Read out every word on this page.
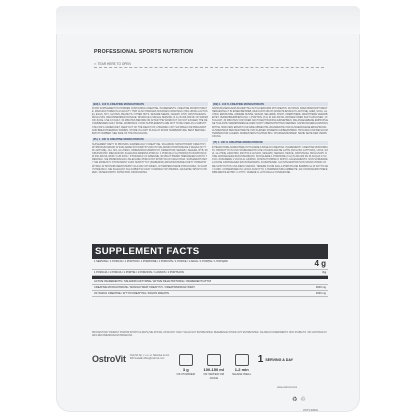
PROFESSIONAL SPORTS NUTRITION
✂ TEAR HERE TO OPEN
(EN) 1. 100 % CREATINE MONOHYDRATE
FOOD SUPPLEMENT IN POWDER CONTAINING CREATINE. INGREDIENTS: CREATINE MONOHYDRATE. MANUFACTURED IN A FACILITY THAT ALSO HANDLES SOURCES FROM MILK (INCLUDING LACTOSE), EGGS, SOY, GLUTEN, PEANUTS, OTHER NUTS, SESAME SEEDS, CELERY, FISH, CRUSTACEANS, MOLLUSKS. RECOMMENDED DOSAGE: DISSOLVE A SINGLE SERVING (3 G) IN 200-300 ML OF WATER OR JUICE. USE 1X DAILY, 30 MINUTES BEFORE OR AFTER THE WORKOUT. DO NOT EXCEED THE RECOMMENDED DAILY DOSE. WARNINGS: FOOD SUPPLEMENTS ARE NOT TO BE USED AS A SUBSTITUTE FOR A VARIED DIET. KEEP OUT OF THE REACH OF CHILDREN. NOT SUITABLE FOR PREGNANT AND BREASTFEEDING WOMEN. STORE IN A DRY PLACE AT ROOM TEMPERATURE. BEST BEFORE / BATCH NUMBER: SEE SIDE OF THE PACKAGING.
(PL) 1. 100 % CREATINE MONOHYDRATE
SUPLEMENT DIETY W PROSZKU ZAWIERAJACY KREATYNE. SKLADNIKI: MONOHYDRAT KREATYNY. WYPRODUKOWANO W ZAKLADZIE WYKORZYSTUJACYM SKLADNIKI POCHODZACE Z MLEKA (W TYM LAKTOZE), JAJ, SOI, GLUTENU, ORZESZKOW ZIEMNYCH, ORZECHOW, SEZAMU, SELERA, RYB, SKORUPIAKOW I MIECZAKOW. ZALECANA DZIENNA PORCJA: 1 PORCJE (3 G) PRODUKTU ROZPUSCIC W 200-300 ML WODY LUB SOKU. STOSOWAC 1X DZIENNIE, 30 MINUT PRZED TRENINGIEM LUB PO TRENINGU. NIE PRZEKRACZAC ZALECANEJ PORCJI DO SPOZYCIA W CIAGU DNIA. SUPLEMENT DIETY NIE MOZE BYC STOSOWANY JAKO SUBSTYTUT (ZAMIENNIK) ZROZNICOWANEJ DIETY. PRZECHOWYWAC W SPOSOB NIEDOSTEPNY DLA MALYCH DZIECI, W TEMPERATURZE POKOJOWEJ, W SUCHYM MIEJSCU. NIE ZALECANY DLA KOBIET W CIAZY I KARMIACYCH PIERSIA. NAJLEPIEJ SPOZYC PRZED / NUMER PARTII: PATRZ BOK OPAKOWANIA.
(DE) 1. 100 % CREATINE MONOHYDRATE
NAHRUNGSERGANZUNGSMITTEL IN PULVERFORM MIT KREATIN. ZUTATEN: KREATINMONOHYDRAT. HERGESTELLT IN EINEM BETRIEB, DER AUCH MILCH (EINSCHLIESSLICH LAKTOSE), EIER, SOJA, GLUTEN, ERDNUSSE, ANDERE NUSSE, SESAM, SELLERIE, FISCH, KREBSTIERE, WEICHTIERE VERARBEITET. VERZEHREMPFEHLUNG: 1 PORTION (3 G) IN 200-300 ML WASSER ODER SAFT AUFLOSEN. 1X TAGLICH, 30 MINUTEN VOR ODER NACH DEM TRAINING EINNEHMEN. DIE ANGEGEBENE EMPFOHLENE TAGLICHE VERZEHRMENGE DARF NICHT UBERSCHRITTEN WERDEN. NAHRUNGSERGANZUNGSMITTEL SIND KEIN ERSATZ FUR EINE ABWECHSLUNGSREICHE UND AUSGEWOGENE ERNAHRUNG. AUSSERHALB DER REICHWEITE VON KLEINEN KINDERN AUFBEWAHREN. TROCKEN UND BEI RAUMTEMPERATUR LAGERN. MINDESTENS HALTBAR BIS / CHARGENNUMMER: SIEHE SEITE DER VERPACKUNG.
(IT) 1. 100 % CREATINE MONOHYDRATE
INTEGRATORE ALIMENTARE IN POLVERE A BASE DI CREATINA. INGREDIENTI: CREATINA MONOIDRATA. PRODOTTO IN UNO STABILIMENTO CHE UTILIZZA ANCHE LATTE (INCLUSO LATTOSIO), UOVA, SOIA, GLUTINE, ARACHIDI, FRUTTA A GUSCIO, SESAMO, SEDANO, PESCE, CROSTACEI, MOLLUSCHI. DOSE GIORNALIERA RACCOMANDATA: SCIOGLIERE 1 PORZIONE (3 G) IN 200-300 ML DI ACQUA O SUCCO. ASSUMERE 1 VOLTA AL GIORNO, 30 MINUTI PRIMA O DOPO L'ALLENAMENTO. NON SUPERARE LA DOSE GIORNALIERA RACCOMANDATA. AVVERTENZE: GLI INTEGRATORI NON VANNO INTESI COME SOSTITUTI DI UNA DIETA VARIATA. TENERE FUORI DALLA PORTATA DEI BAMBINI AL DI SOTTO DEI 3 ANNI. CONSERVARE IN LUOGO ASCIUTTO, A TEMPERATURA AMBIENTE. DA CONSUMARSI PREFERIBILMENTE ENTRO / LOTTO: VEDERE IL LATO DELLA CONFEZIONE.
SUPPLEMENT FACTS
1 SERVING / 1 PORCJA / 1 PORTION / 1 PORZIONE / 1 PORCIÓN / 1 PORCE / 1 ADAG / 1 PORȚIE / 1 ПОРЦИЯ	4 g
1 PORCIJA / 1 PORCIA / 1 PORTIE / 1 PORZJON / 1 ANNOS / 1 PORTSJON	3 g
ACTIVE INGREDIENTS / SKŁADNIKI AKTYWNE / AKTIVE INHALTSSTOFFE / INGREDIENTI ATTIVI
CREATINE MONOHYDRATE / MONOHYDRAT KREATYNY / KREATINMONOHYDRAT	3000 mg
OF WHICH CREATINE / W TYM KREATYNA / DAVON KREATIN	2640 mg
PROCENTOWY DZIENNY POZIOM SPOŻYCIA (RWS) NIE ZOSTAŁ USTALONY. DAILY VALUE NOT ESTABLISHED. REFERENCE INTAKE NOT ESTABLISHED. VALORE DI RIFERIMENTO NON STABILITO. SIN CANTIDAD DIARIA RECOMENDADA ESTABLECIDA.
OstroVit OstroVit Sp. z o.o. ul. Sikorska 1a 16-300 Suwałki office@ostrovit.com
3 g
OF POWDER
100-150 ml
OF WATER OR JUICE
1-2 min
SHAKE WELL
1 SERVING A DAY
www.ostrovit.com
♻ ♲
OSTV-00001
